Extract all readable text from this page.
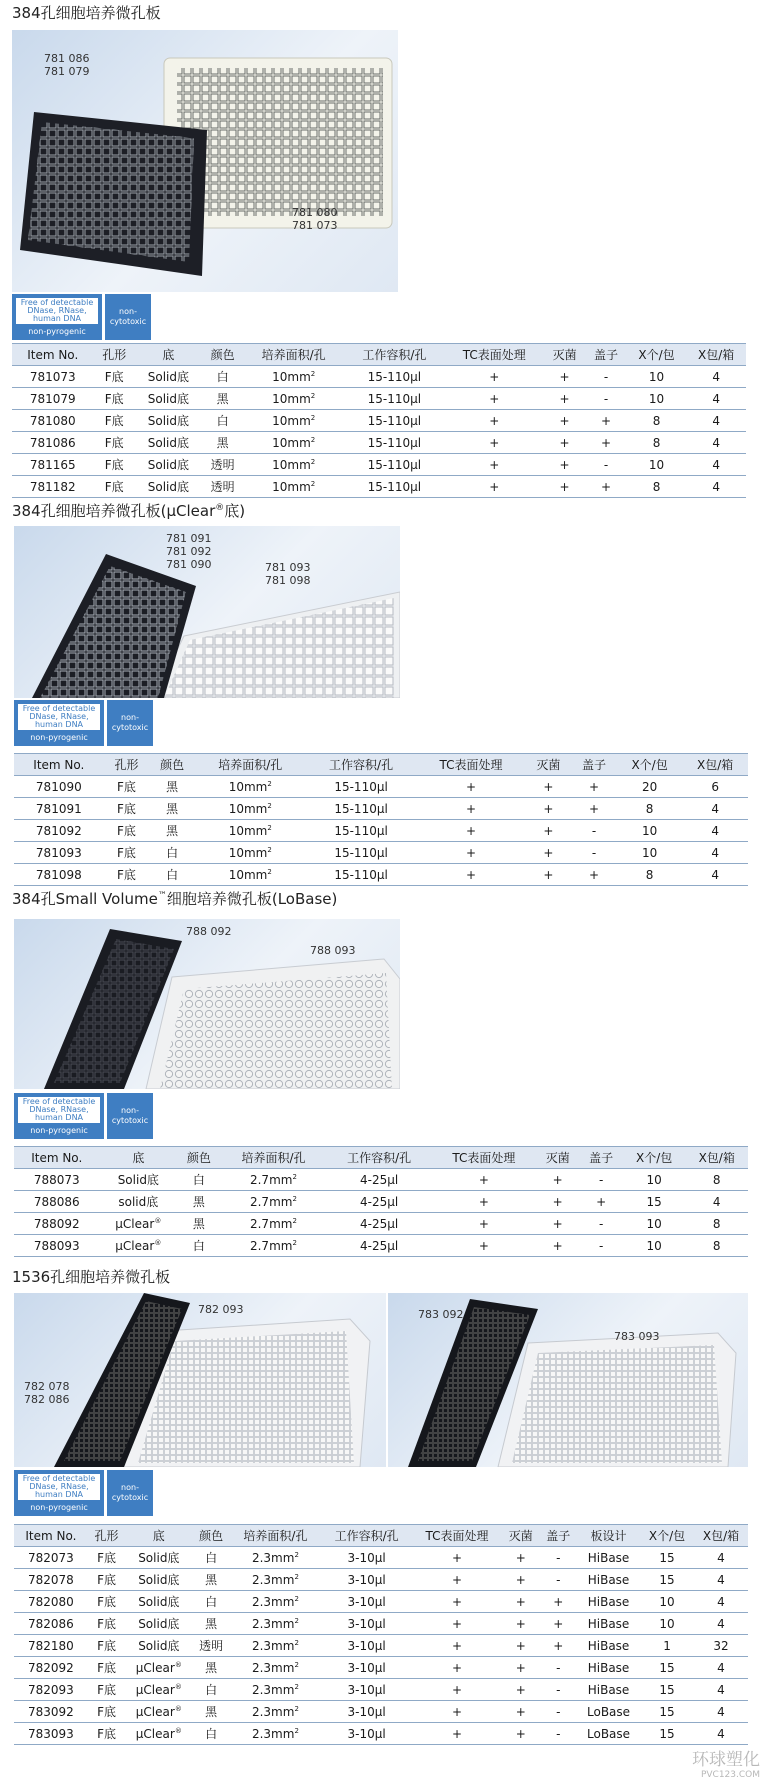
384孔细胞培养微孔板
781 086
781 079
781 080
781 073
Free of detectable DNase, RNase, human DNA
non-pyrogenic
non-cytotoxic
Item No.	孔形	底	颜色	培养面积/孔	工作容积/孔	TC表面处理	灭菌	盖子	X个/包	X包/箱
781073	F底	Solid底	白	$10mm^2$	15-110μl	+	+	-	10	4
781079	F底	Solid底	黑	$10mm^2$	15-110μl	+	+	-	10	4
781080	F底	Solid底	白	$10mm^2$	15-110μl	+	+	+	8	4
781086	F底	Solid底	黑	$10mm^2$	15-110μl	+	+	+	8	4
781165	F底	Solid底	透明	$10mm^2$	15-110μl	+	+	-	10	4
781182	F底	Solid底	透明	$10mm^2$	15-110μl	+	+	+	8	4
384孔细胞培养微孔板(μClear®底)
781 091
781 092
781 090	781 093
781 098
Free of detectable DNase, RNase, human DNA
non-pyrogenic
non-cytotoxic
Item No.	孔形	颜色	培养面积/孔	工作容积/孔	TC表面处理	灭菌	盖子	X个/包	X包/箱
781090	F底	黑	$10mm^2$	15-110μl	+	+	+	20	6
781091	F底	黑	$10mm^2$	15-110μl	+	+	+	8	4
781092	F底	黑	$10mm^2$	15-110μl	+	+	-	10	4
781093	F底	白	$10mm^2$	15-110μl	+	+	-	10	4
781098	F底	白	$10mm^2$	15-110μl	+	+	+	8	4
384孔Small Volume™细胞培养微孔板(LoBase)
788 092
788 093
Free of detectable DNase, RNase, human DNA
non-pyrogenic
non-cytotoxic
Item No.	底	颜色	培养面积/孔	工作容积/孔	TC表面处理	灭菌	盖子	X个/包	X包/箱
788073	Solid底	白	$2.7mm^2$	4-25μl	+	+	-	10	8
788086	solid底	黑	$2.7mm^2$	4-25μl	+	+	+	15	4
788092	μClear®	黑	$2.7mm^2$	4-25μl	+	+	-	10	8
788093	μClear®	白	$2.7mm^2$	4-25μl	+	+	-	10	8
1536孔细胞培养微孔板
782 093
782 078
782 086
783 092
783 093
Free of detectable DNase, RNase, human DNA
non-pyrogenic
non-cytotoxic
Item No.	孔形	底	颜色	培养面积/孔	工作容积/孔	TC表面处理	灭菌	盖子	板设计	X个/包	X包/箱
782073	F底	Solid底	白	$2.3mm^2$	3-10μl	+	+	-	HiBase	15	4
782078	F底	Solid底	黑	$2.3mm^2$	3-10μl	+	+	-	HiBase	15	4
782080	F底	Solid底	白	$2.3mm^2$	3-10μl	+	+	+	HiBase	10	4
782086	F底	Solid底	黑	$2.3mm^2$	3-10μl	+	+	+	HiBase	10	4
782180	F底	Solid底	透明	$2.3mm^2$	3-10μl	+	+	+	HiBase	1	32
782092	F底	μClear®	黑	$2.3mm^2$	3-10μl	+	+	-	HiBase	15	4
782093	F底	μClear®	白	$2.3mm^2$	3-10μl	+	+	-	HiBase	15	4
783092	F底	μClear®	黑	$2.3mm^2$	3-10μl	+	+	-	LoBase	15	4
783093	F底	μClear®	白	$2.3mm^2$	3-10μl	+	+	-	LoBase	15	4
环球塑化
PVC123.COM
